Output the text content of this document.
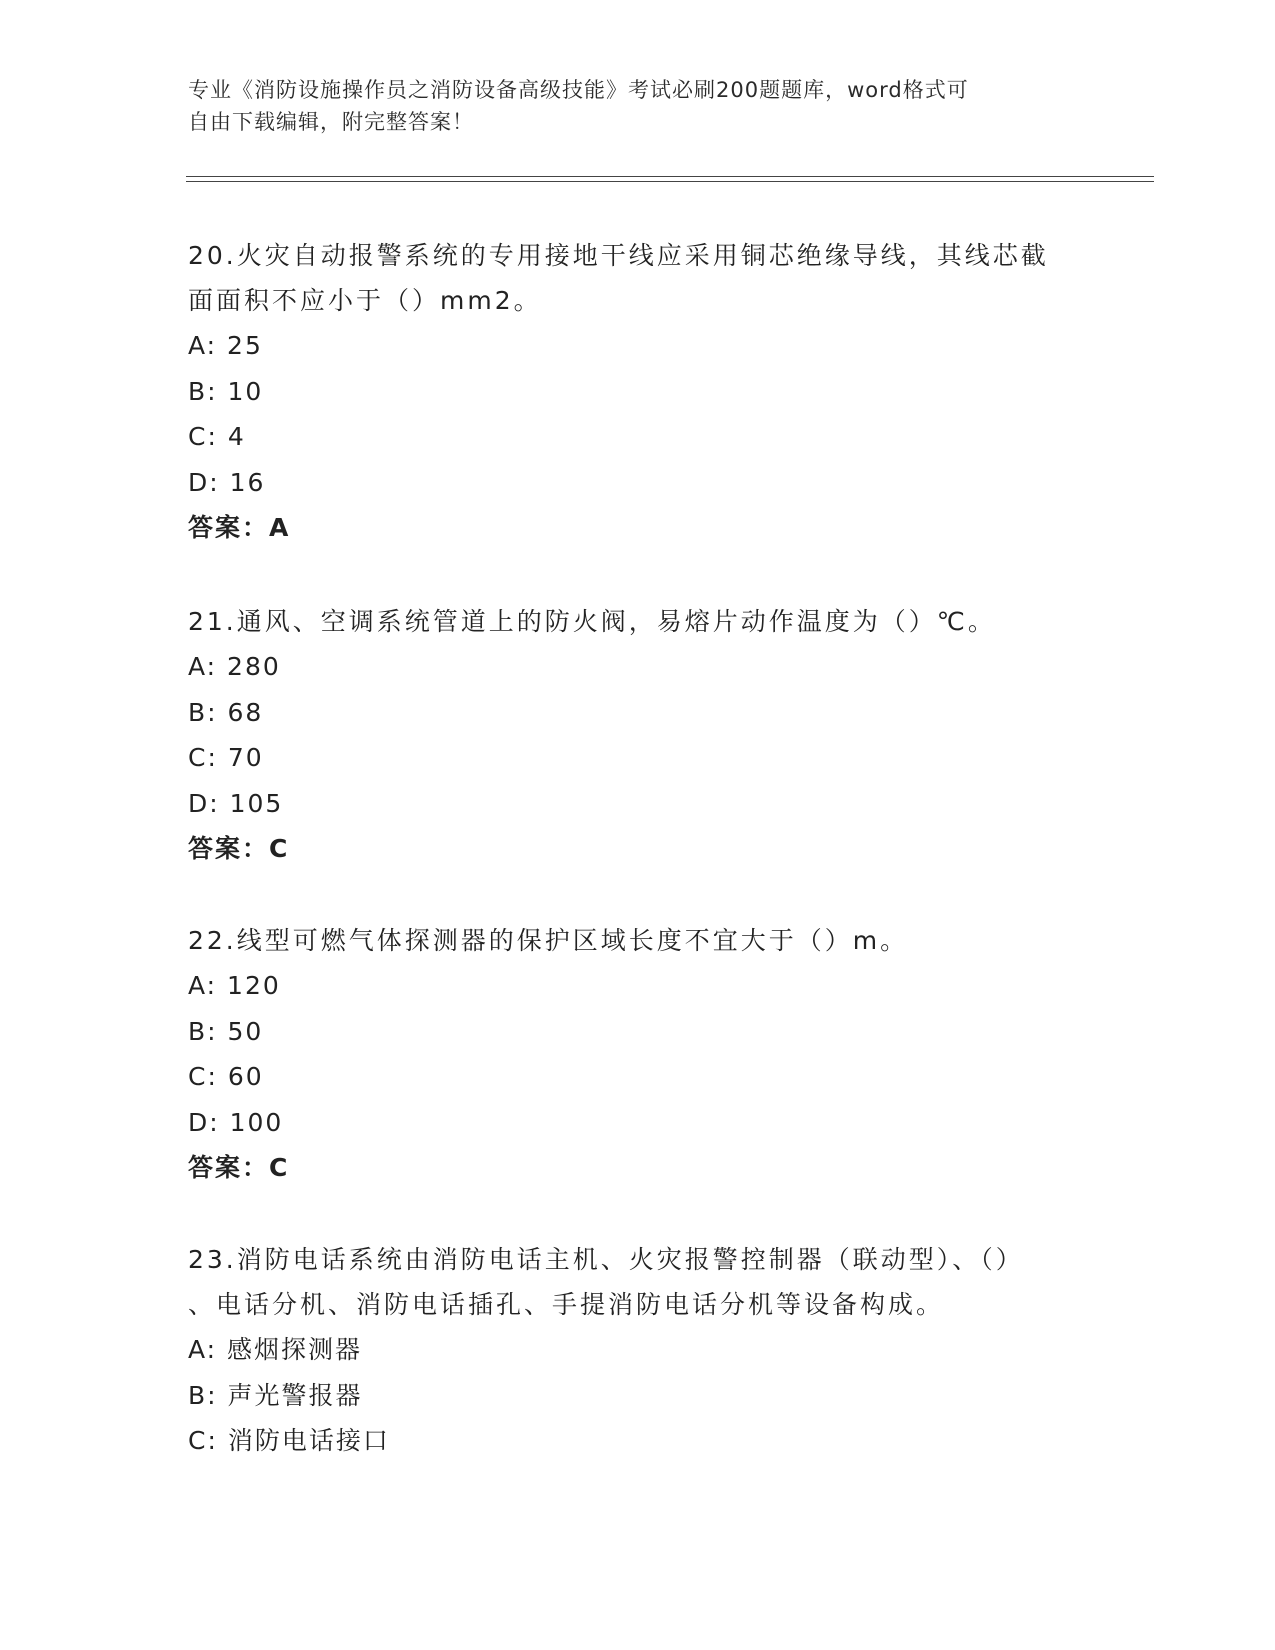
专业《消防设施操作员之消防设备高级技能》考试必刷200题题库，word格式可
自由下载编辑，附完整答案！

20.火灾自动报警系统的专用接地干线应采用铜芯绝缘导线，其线芯截

面面积不应小于（）mm2。

A: 25

B: 10

C: 4

D: 16

答案：A

21.通风、空调系统管道上的防火阀，易熔片动作温度为（）℃。

A: 280

B: 68

C: 70

D: 105

答案：C

22.线型可燃气体探测器的保护区域长度不宜大于（）m。

A: 120

B: 50

C: 60

D: 100

答案：C

23.消防电话系统由消防电话主机、火灾报警控制器（联动型）、（）

、电话分机、消防电话插孔、手提消防电话分机等设备构成。

A: 感烟探测器

B: 声光警报器

C: 消防电话接口
